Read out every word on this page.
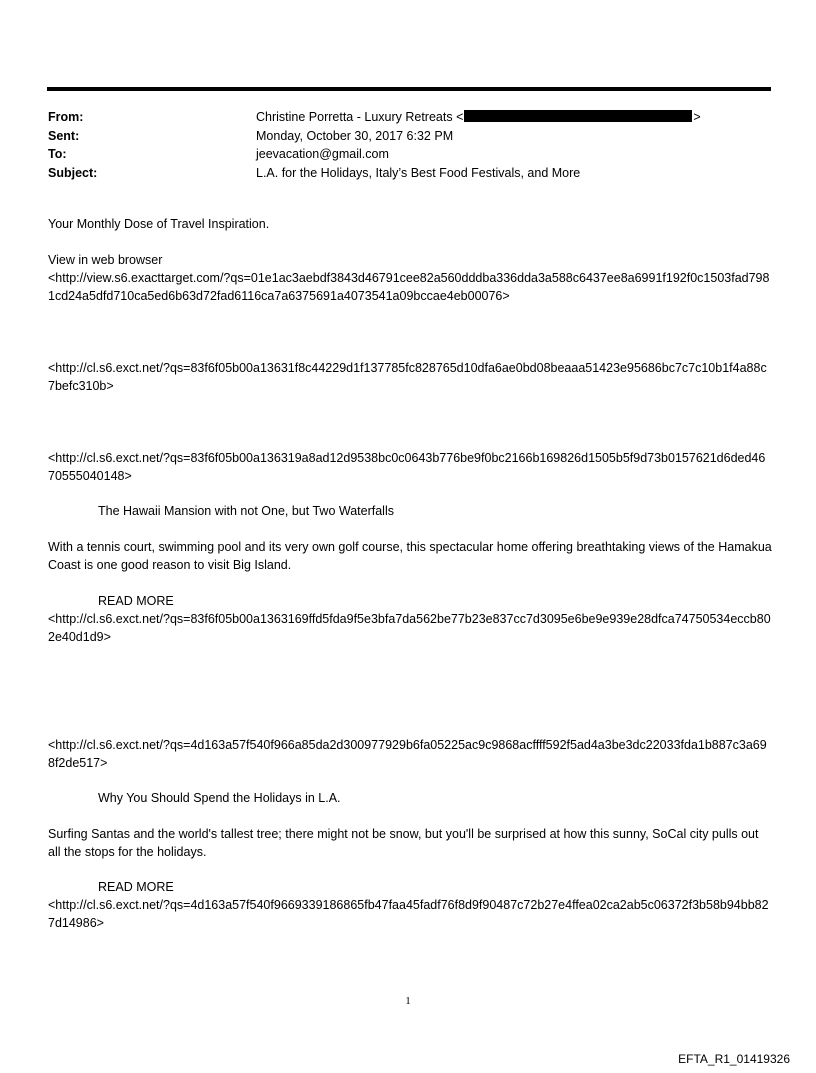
From:	Christine Porretta - Luxury Retreats <	>
Sent:	Monday, October 30, 2017 6:32 PM
To:	jeevacation@gmail.com
Subject:	L.A. for the Holidays, Italy’s Best Food Festivals, and More
Your Monthly Dose of Travel Inspiration.
View in web browser
<http://view.s6.exacttarget.com/?qs=01e1ac3aebdf3843d46791cee82a560dddba336dda3a588c6437ee8a6991f192f0c1503fad7981cd24a5dfd710ca5ed6b63d72fad6116ca7a6375691a4073541a09bccae4eb00076>
<http://cl.s6.exct.net/?qs=83f6f05b00a13631f8c44229d1f137785fc828765d10dfa6ae0bd08beaaa51423e95686bc7c7c10b1f4a88c7befc310b>
<http://cl.s6.exct.net/?qs=83f6f05b00a136319a8ad12d9538bc0c0643b776be9f0bc2166b169826d1505b5f9d73b0157621d6ded4670555040148>
The Hawaii Mansion with not One, but Two Waterfalls
With a tennis court, swimming pool and its very own golf course, this spectacular home offering breathtaking views of the Hamakua Coast is one good reason to visit Big Island.
READ MORE
<http://cl.s6.exct.net/?qs=83f6f05b00a1363169ffd5fda9f5e3bfa7da562be77b23e837cc7d3095e6be9e939e28dfca74750534eccb802e40d1d9>
<http://cl.s6.exct.net/?qs=4d163a57f540f966a85da2d300977929b6fa05225ac9c9868acffff592f5ad4a3be3dc22033fda1b887c3a698f2de517>
Why You Should Spend the Holidays in L.A.
Surfing Santas and the world's tallest tree; there might not be snow, but you'll be surprised at how this sunny, SoCal city pulls out all the stops for the holidays.
READ MORE
<http://cl.s6.exct.net/?qs=4d163a57f540f9669339186865fb47faa45fadf76f8d9f90487c72b27e4ffea02ca2ab5c06372f3b58b94bb827d14986>
1
EFTA_R1_01419326
